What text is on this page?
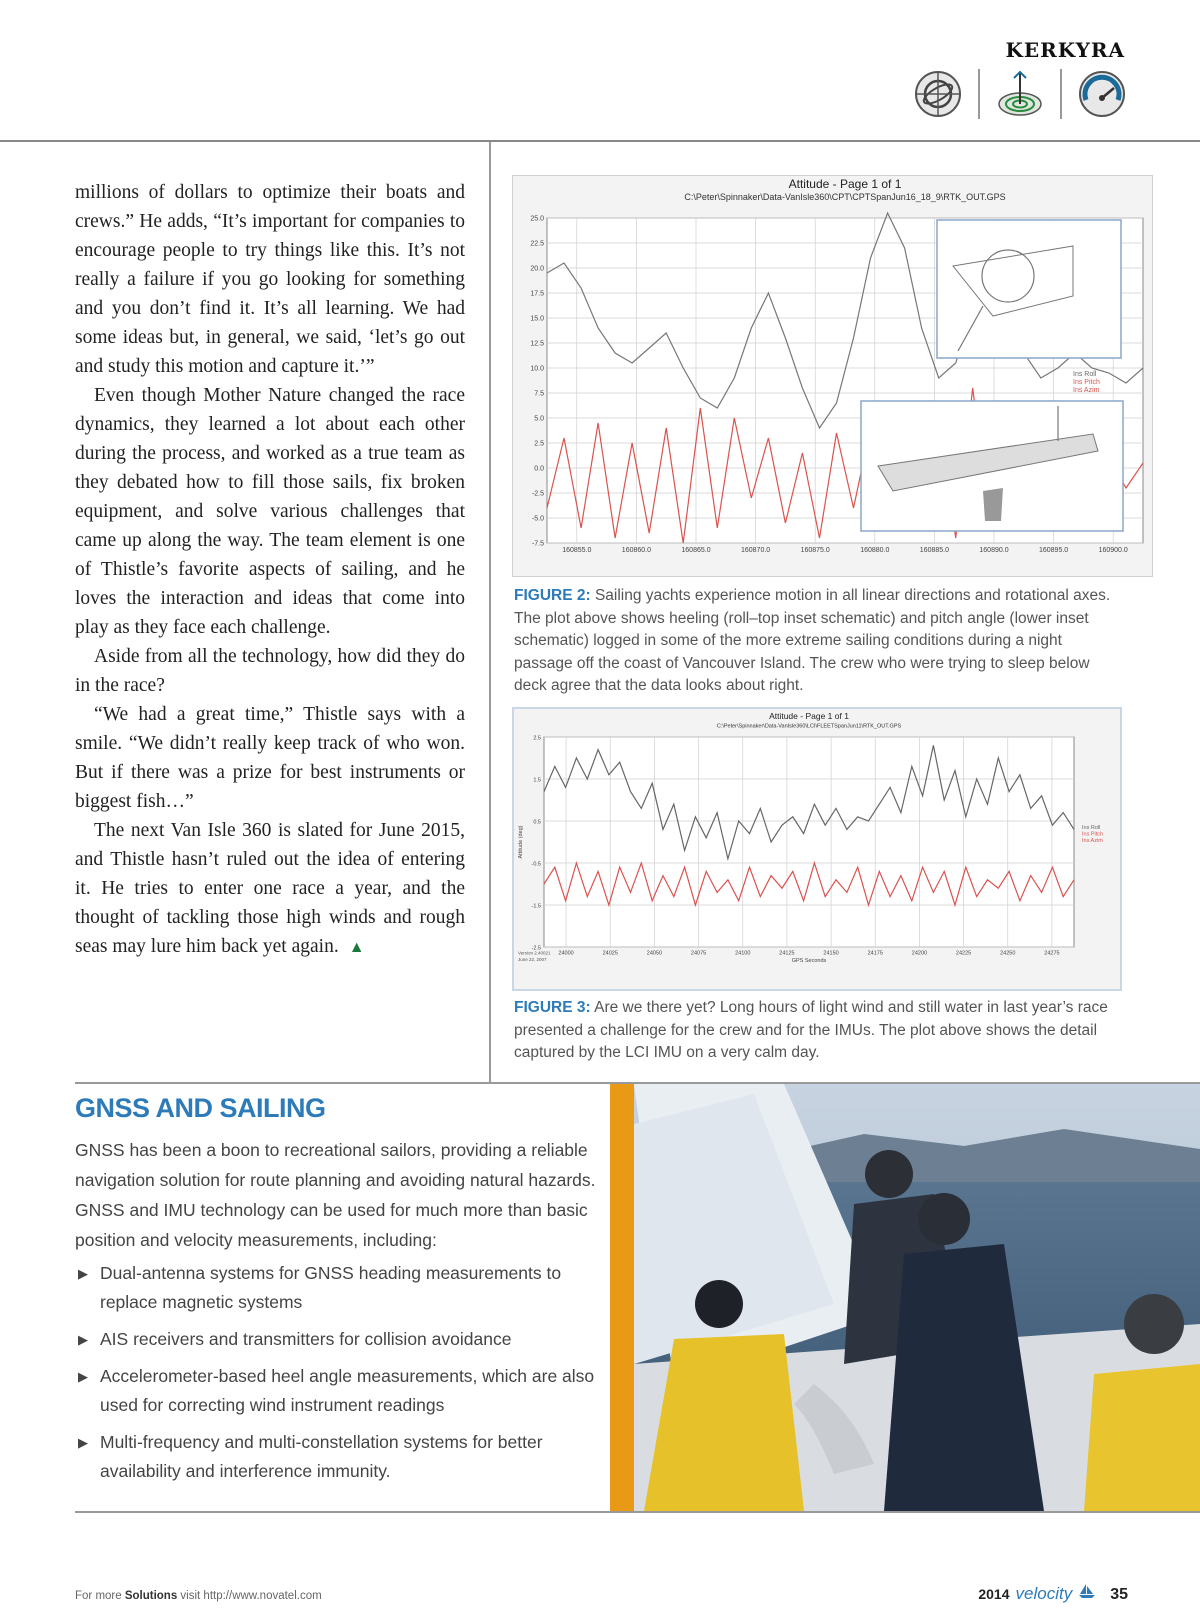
KERKYRA

millions of dollars to optimize their boats and crews.” He adds, “It’s important for companies to encourage people to try things like this. It’s not really a failure if you go looking for something and you don’t find it. It’s all learning. We had some ideas but, in general, we said, ‘let’s go out and study this motion and capture it.’”

Even though Mother Nature changed the race dynamics, they learned a lot about each other during the process, and worked as a true team as they debated how to fill those sails, fix broken equipment, and solve various challenges that came up along the way. The team element is one of Thistle’s favorite aspects of sailing, and he loves the interaction and ideas that come into play as they face each challenge.

Aside from all the technology, how did they do in the race?

“We had a great time,” Thistle says with a smile. “We didn’t really keep track of who won. But if there was a prize for best instruments or biggest fish…”

The next Van Isle 360 is slated for June 2015, and Thistle hasn’t ruled out the idea of entering it. He tries to enter one race a year, and the thought of tackling those high winds and rough seas may lure him back yet again. ▲

Attitude - Page 1 of 1
C:\Peter\Spinnaker\Data-VanIsle360\CPT\CPTSpanJun16_18_9\RTK_OUT.GPS
25.0
22.5
20.0
17.5
15.0
12.5
10.0
7.5
5.0
2.5
0.0
-2.5
-5.0
-7.5
160855.0	160860.0	160865.0	160870.0	160875.0	160880.0	160885.0	160890.0	160895.0	160900.0
Ins Roll
Ins Pitch
Ins Azim
FIGURE 2: Sailing yachts experience motion in all linear directions and rotational axes. The plot above shows heeling (roll–top inset schematic) and pitch angle (lower inset schematic) logged in some of the more extreme sailing conditions during a night passage off the coast of Vancouver Island. The crew who were trying to sleep below deck agree that the data looks about right.
Attitude - Page 1 of 1
C:\Peter\Spinnaker\Data-VanIsle360\LCI\FLEETSpanJun11\RTK_OUT.GPS
2.5
1.5
0.5
-0.5
-1.5
-2.5
24000	24025	24050	24075	24100	24125	24150	24175	24200	24225	24250	24275
Ins Roll
Ins Pitch
Ins Azim
GPS Seconds
Attitude (deg)
Version 2.40021
June 22, 2007
FIGURE 3: Are we there yet? Long hours of light wind and still water in last year’s race presented a challenge for the crew and for the IMUs. The plot above shows the detail captured by the LCI IMU on a very calm day.
GNSS AND SAILING
GNSS has been a boon to recreational sailors, providing a reliable navigation solution for route planning and avoiding natural hazards. GNSS and IMU technology can be used for much more than basic position and velocity measurements, including:
▶ Dual-antenna systems for GNSS heading measurements to replace magnetic systems
▶ AIS receivers and transmitters for collision avoidance
▶ Accelerometer-based heel angle measurements, which are also used for correcting wind instrument readings
▶ Multi-frequency and multi-constellation systems for better availability and interference immunity.
For more Solutions visit http://www.novatel.com	2014 velocity 35
